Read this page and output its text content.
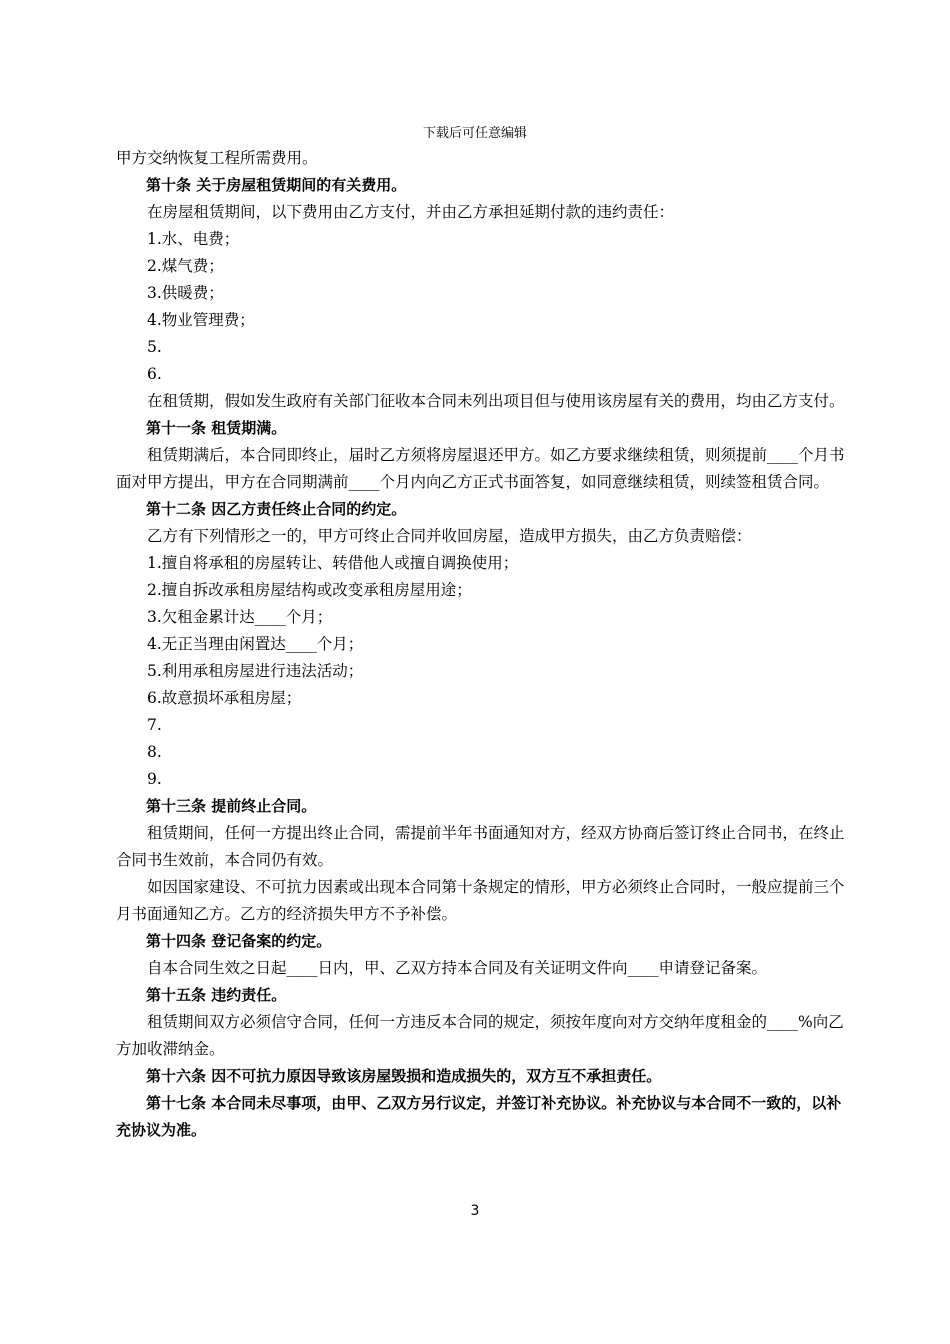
下载后可任意编辑

甲方交纳恢复工程所需费用。

第十条 关于房屋租赁期间的有关费用。

在房屋租赁期间，以下费用由乙方支付，并由乙方承担延期付款的违约责任：

1.水、电费；

2.煤气费；

3.供暖费；

4.物业管理费；

5.

6.

在租赁期，假如发生政府有关部门征收本合同未列出项目但与使用该房屋有关的费用，均由乙方支付。

第十一条 租赁期满。

租赁期满后，本合同即终止，届时乙方须将房屋退还甲方。如乙方要求继续租赁，则须提前____个月书面对甲方提出，甲方在合同期满前____个月内向乙方正式书面答复，如同意继续租赁，则续签租赁合同。

第十二条 因乙方责任终止合同的约定。

乙方有下列情形之一的，甲方可终止合同并收回房屋，造成甲方损失，由乙方负责赔偿：

1.擅自将承租的房屋转让、转借他人或擅自调换使用；

2.擅自拆改承租房屋结构或改变承租房屋用途；

3.欠租金累计达____个月；

4.无正当理由闲置达____个月；

5.利用承租房屋进行违法活动；

6.故意损坏承租房屋；

7.

8.

9.

第十三条 提前终止合同。

租赁期间，任何一方提出终止合同，需提前半年书面通知对方，经双方协商后签订终止合同书，在终止合同书生效前，本合同仍有效。

如因国家建设、不可抗力因素或出现本合同第十条规定的情形，甲方必须终止合同时，一般应提前三个月书面通知乙方。乙方的经济损失甲方不予补偿。

第十四条 登记备案的约定。

自本合同生效之日起____日内，甲、乙双方持本合同及有关证明文件向____申请登记备案。

第十五条 违约责任。

租赁期间双方必须信守合同，任何一方违反本合同的规定，须按年度向对方交纳年度租金的____%向乙方加收滞纳金。

第十六条 因不可抗力原因导致该房屋毁损和造成损失的，双方互不承担责任。

第十七条 本合同未尽事项，由甲、乙双方另行议定，并签订补充协议。补充协议与本合同不一致的，以补充协议为准。

3
